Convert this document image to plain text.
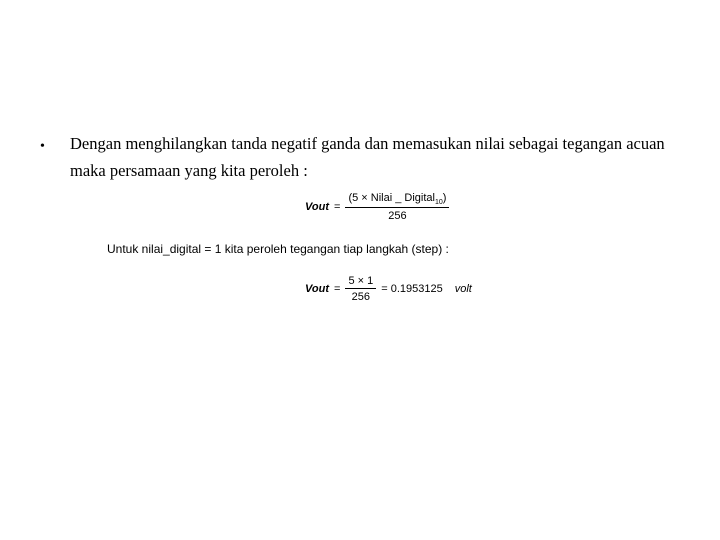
• Dengan menghilangkan tanda negatif ganda dan memasukan nilai sebagai tegangan acuan maka persamaan yang kita peroleh :
Vout = $\frac{(5 \times Nilai \_ Digital_{10})}{256}$
Untuk nilai_digital = 1 kita peroleh tegangan tiap langkah (step) :
Vout = $\frac{5 \times 1}{256} = 0.1953125$ volt
